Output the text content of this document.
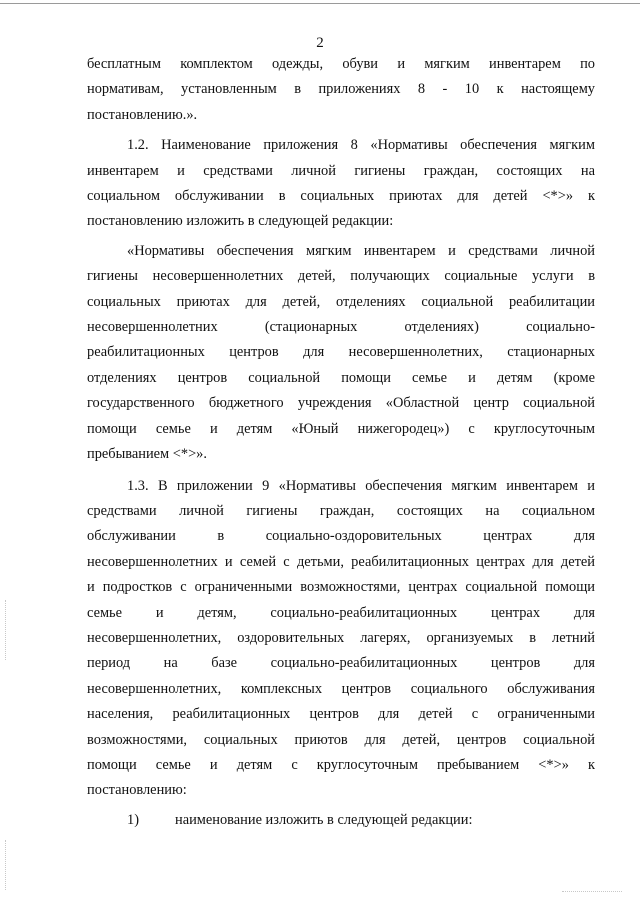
2
бесплатным комплектом одежды, обуви и мягким инвентарем по
нормативам, установленным в приложениях 8 - 10 к настоящему
постановлению.».
1.2. Наименование приложения 8 «Нормативы обеспечения мягким
инвентарем и средствами личной гигиены граждан, состоящих на
социальном обслуживании в социальных приютах для детей <*>» к
постановлению изложить в следующей редакции:
«Нормативы обеспечения мягким инвентарем и средствами личной
гигиены несовершеннолетних детей, получающих социальные услуги в
социальных приютах для детей, отделениях социальной реабилитации
несовершеннолетних (стационарных отделениях) социально-
реабилитационных центров для несовершеннолетних, стационарных
отделениях центров социальной помощи семье и детям (кроме
государственного бюджетного учреждения «Областной центр социальной
помощи семье и детям «Юный нижегородец») с круглосуточным
пребыванием <*>».
1.3. В приложении 9 «Нормативы обеспечения мягким инвентарем и
средствами личной гигиены граждан, состоящих на социальном
обслуживании в социально-оздоровительных центрах для
несовершеннолетних и семей с детьми, реабилитационных центрах для детей
и подростков с ограниченными возможностями, центрах социальной помощи
семье и детям, социально-реабилитационных центрах для
несовершеннолетних, оздоровительных лагерях, организуемых в летний
период на базе социально-реабилитационных центров для
несовершеннолетних, комплексных центров социального обслуживания
населения, реабилитационных центров для детей с ограниченными
возможностями, социальных приютов для детей, центров социальной
помощи семье и детям с круглосуточным пребыванием <*>» к
постановлению:
1)	наименование изложить в следующей редакции:
